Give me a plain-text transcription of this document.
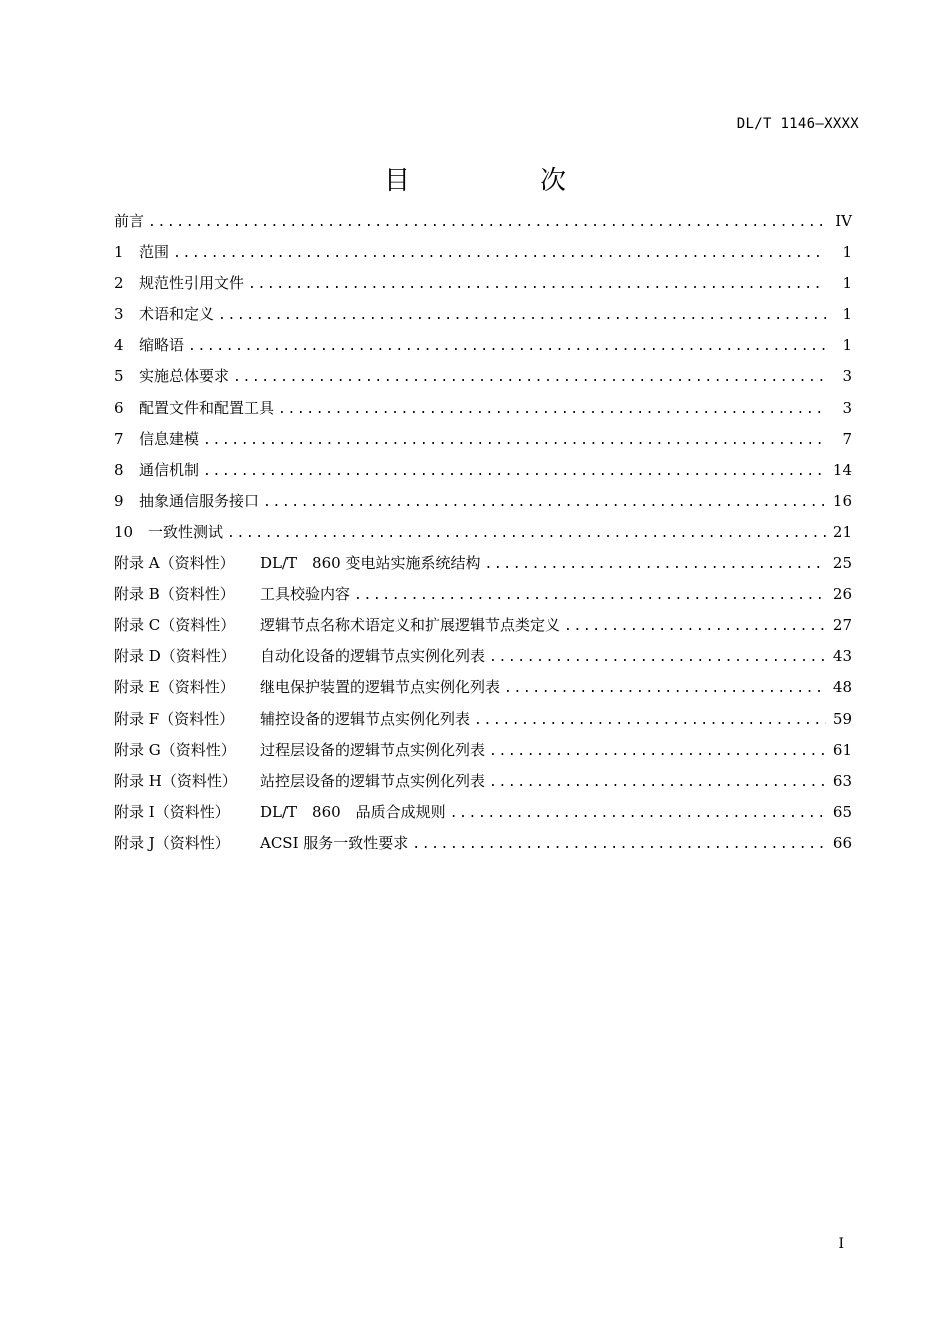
DL/T 1146—XXXX
目　次
前言 .....	IV
1 范围 .....	1
2 规范性引用文件 .....	1
3 术语和定义 .....	1
4 缩略语 .....	1
5 实施总体要求 .....	3
6 配置文件和配置工具 .....	3
7 信息建模 .....	7
8 通信机制 .....	14
9 抽象通信服务接口 .....	16
10 一致性测试 .....	21
附录 A（资料性） DL/T　860 变电站实施系统结构 .....	25
附录 B（资料性） 工具校验内容 .....	26
附录 C（资料性） 逻辑节点名称术语定义和扩展逻辑节点类定义 .....	27
附录 D（资料性） 自动化设备的逻辑节点实例化列表 .....	43
附录 E（资料性） 继电保护装置的逻辑节点实例化列表 .....	48
附录 F（资料性） 辅控设备的逻辑节点实例化列表 .....	59
附录 G（资料性） 过程层设备的逻辑节点实例化列表 .....	61
附录 H（资料性） 站控层设备的逻辑节点实例化列表 .....	63
附录 I（资料性） DL/T　860　品质合成规则 .....	65
附录 J（资料性） ACSI 服务一致性要求 .....	66
I
